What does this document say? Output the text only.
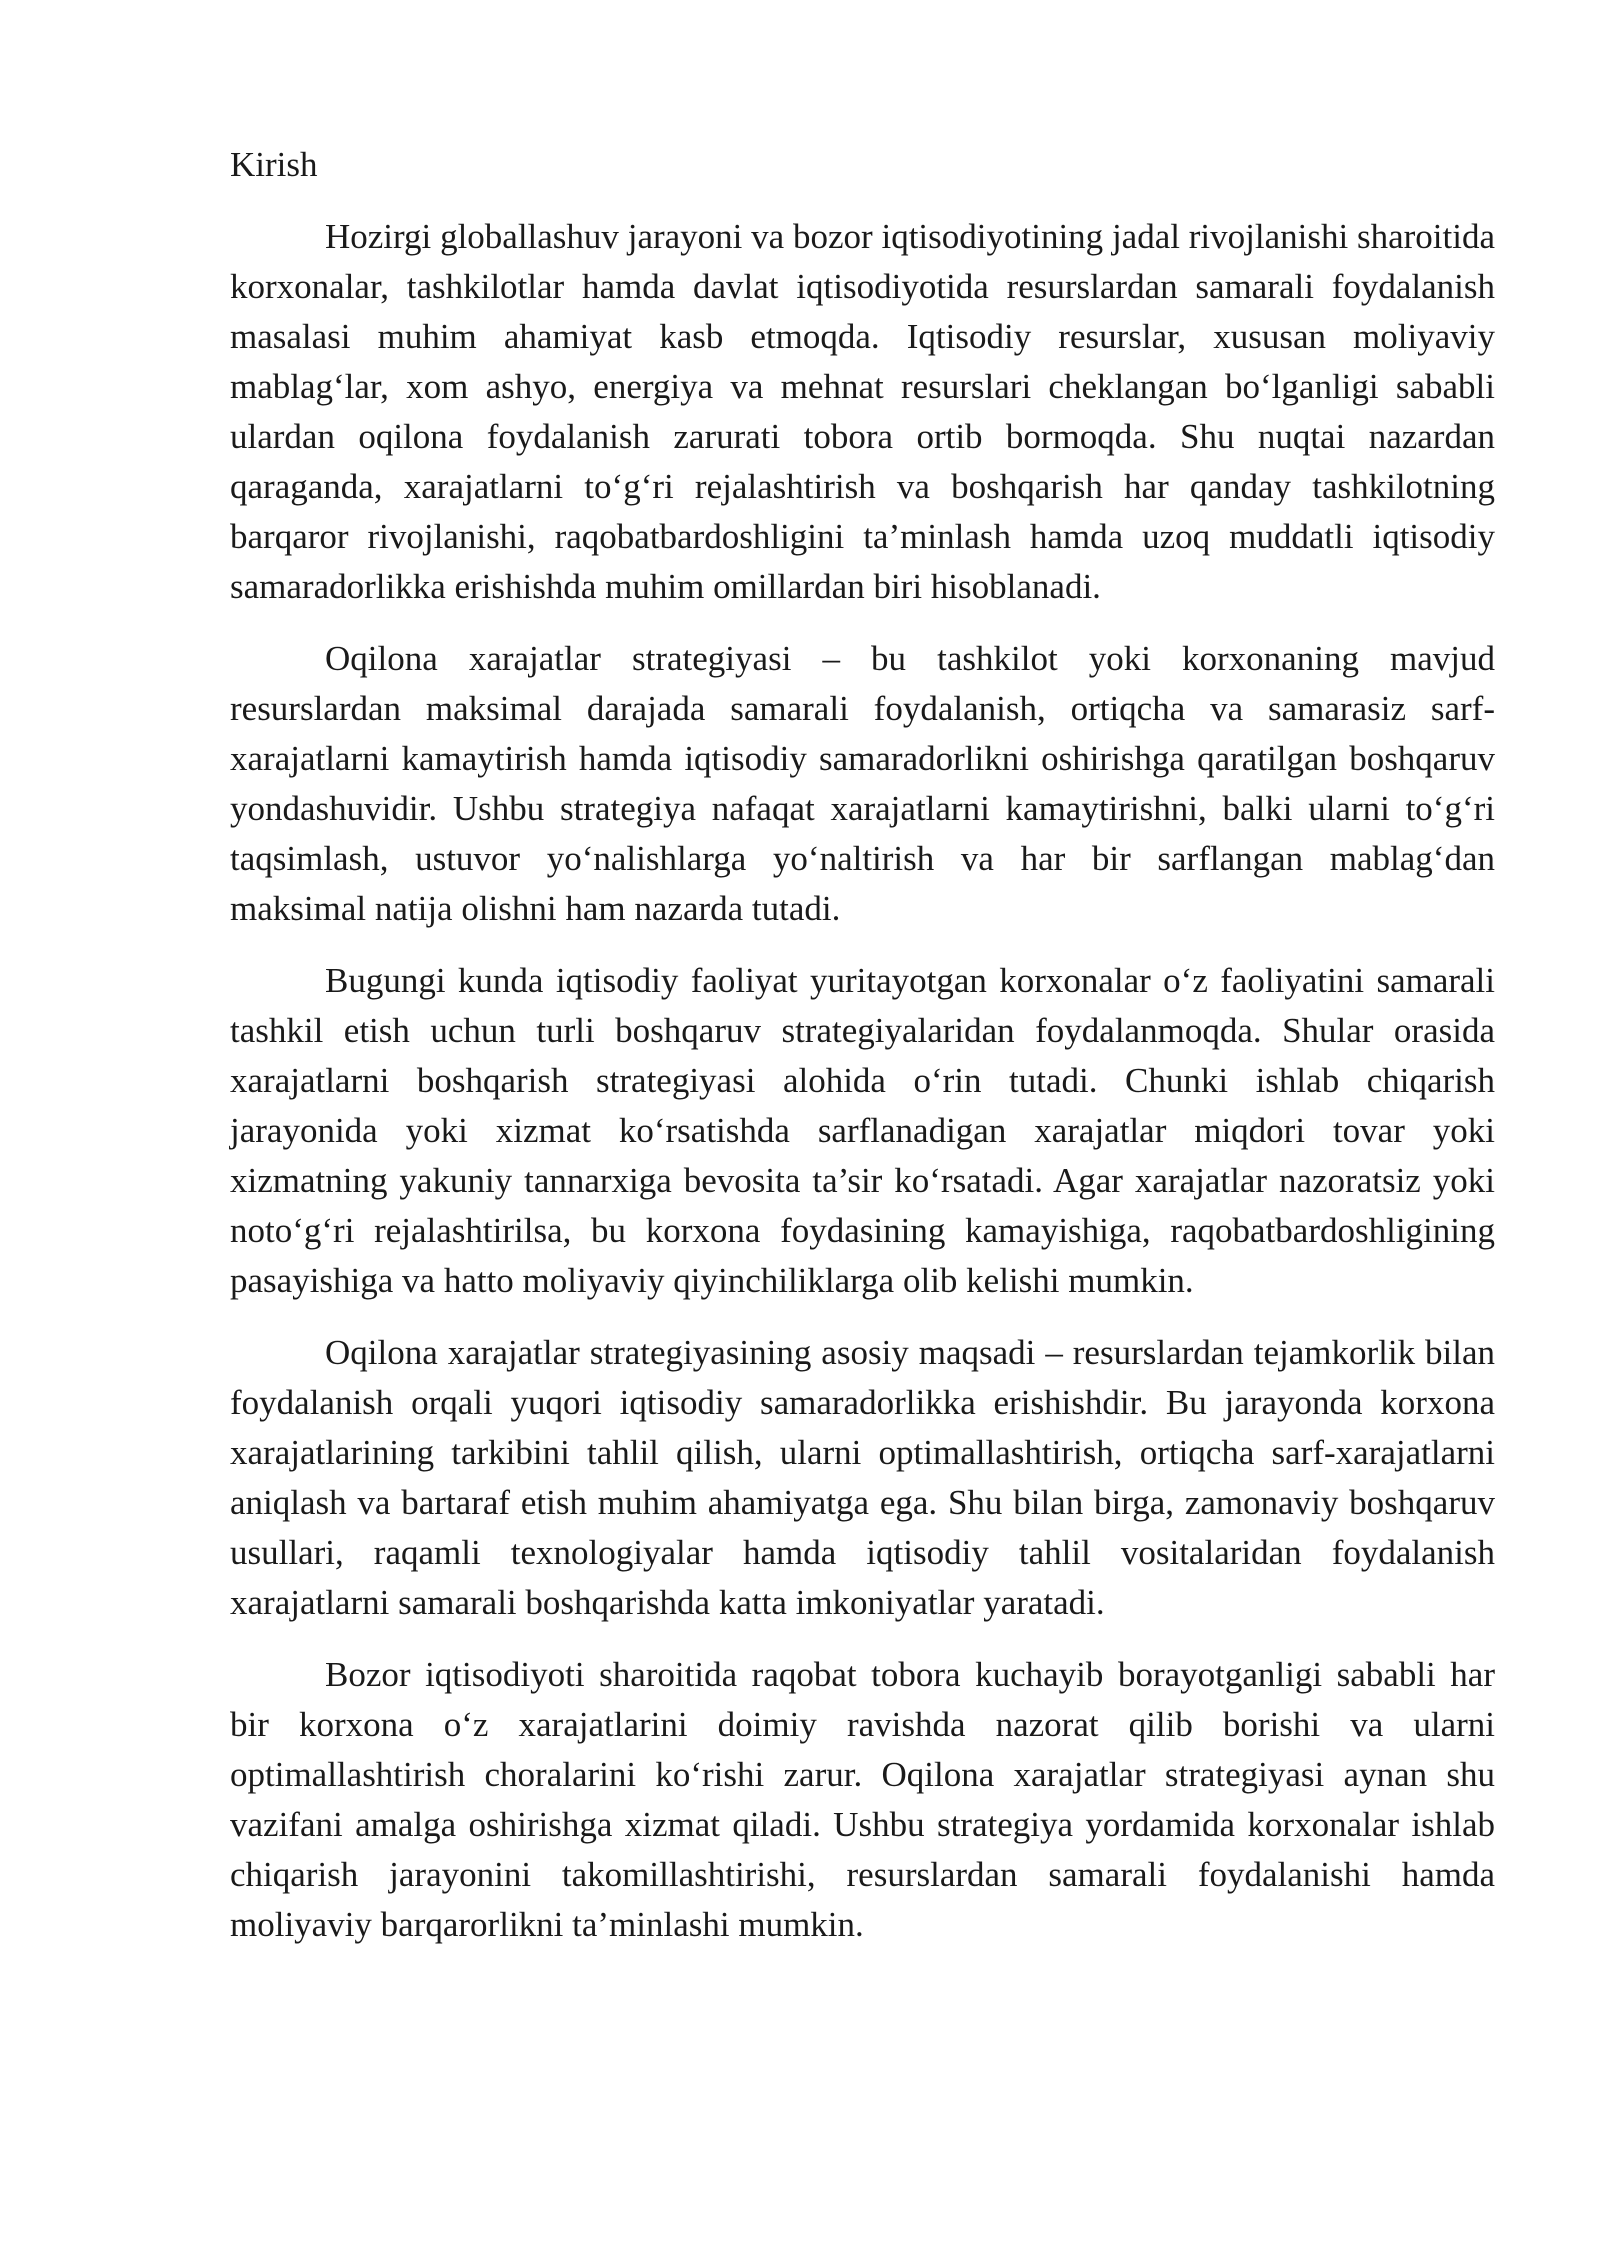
Kirish

Hozirgi globallashuv jarayoni va bozor iqtisodiyotining jadal rivojlanishi sharoitida korxonalar, tashkilotlar hamda davlat iqtisodiyotida resurslardan samarali foydalanish masalasi muhim ahamiyat kasb etmoqda. Iqtisodiy resurslar, xususan moliyaviy mablag‘lar, xom ashyo, energiya va mehnat resurslari cheklangan bo‘lganligi sababli ulardan oqilona foydalanish zarurati tobora ortib bormoqda. Shu nuqtai nazardan qaraganda, xarajatlarni to‘g‘ri rejalashtirish va boshqarish har qanday tashkilotning barqaror rivojlanishi, raqobatbardoshligini ta’minlash hamda uzoq muddatli iqtisodiy samaradorlikka erishishda muhim omillardan biri hisoblanadi.

Oqilona xarajatlar strategiyasi – bu tashkilot yoki korxonaning mavjud resurslardan maksimal darajada samarali foydalanish, ortiqcha va samarasiz sarf-xarajatlarni kamaytirish hamda iqtisodiy samaradorlikni oshirishga qaratilgan boshqaruv yondashuvidir. Ushbu strategiya nafaqat xarajatlarni kamaytirishni, balki ularni to‘g‘ri taqsimlash, ustuvor yo‘nalishlarga yo‘naltirish va har bir sarflangan mablag‘dan maksimal natija olishni ham nazarda tutadi.

Bugungi kunda iqtisodiy faoliyat yuritayotgan korxonalar o‘z faoliyatini samarali tashkil etish uchun turli boshqaruv strategiyalaridan foydalanmoqda. Shular orasida xarajatlarni boshqarish strategiyasi alohida o‘rin tutadi. Chunki ishlab chiqarish jarayonida yoki xizmat ko‘rsatishda sarflanadigan xarajatlar miqdori tovar yoki xizmatning yakuniy tannarxiga bevosita ta’sir ko‘rsatadi. Agar xarajatlar nazoratsiz yoki noto‘g‘ri rejalashtirilsa, bu korxona foydasining kamayishiga, raqobatbardoshligining pasayishiga va hatto moliyaviy qiyinchiliklarga olib kelishi mumkin.

Oqilona xarajatlar strategiyasining asosiy maqsadi – resurslardan tejamkorlik bilan foydalanish orqali yuqori iqtisodiy samaradorlikka erishishdir. Bu jarayonda korxona xarajatlarining tarkibini tahlil qilish, ularni optimallashtirish, ortiqcha sarf-xarajatlarni aniqlash va bartaraf etish muhim ahamiyatga ega. Shu bilan birga, zamonaviy boshqaruv usullari, raqamli texnologiyalar hamda iqtisodiy tahlil vositalaridan foydalanish xarajatlarni samarali boshqarishda katta imkoniyatlar yaratadi.

Bozor iqtisodiyoti sharoitida raqobat tobora kuchayib borayotganligi sababli har bir korxona o‘z xarajatlarini doimiy ravishda nazorat qilib borishi va ularni optimallashtirish choralarini ko‘rishi zarur. Oqilona xarajatlar strategiyasi aynan shu vazifani amalga oshirishga xizmat qiladi. Ushbu strategiya yordamida korxonalar ishlab chiqarish jarayonini takomillashtirishi, resurslardan samarali foydalanishi hamda moliyaviy barqarorlikni ta’minlashi mumkin.
